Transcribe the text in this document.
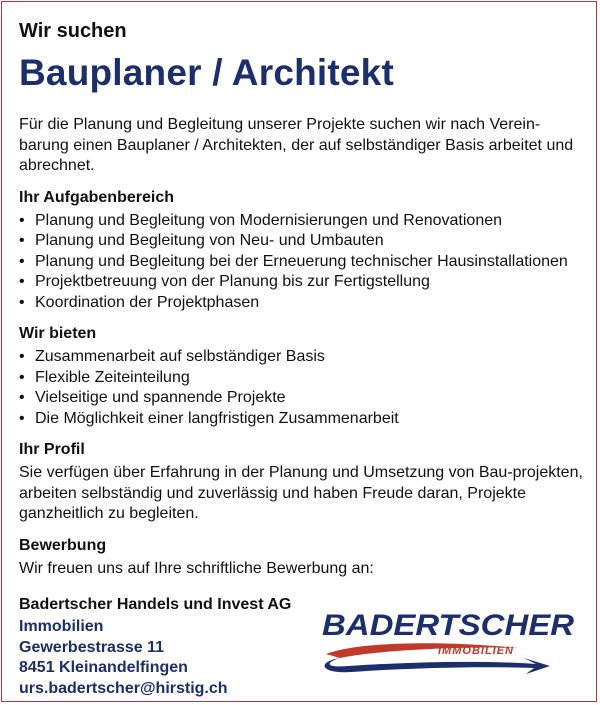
Wir suchen

Bauplaner / Architekt

Für die Planung und Begleitung unserer Projekte suchen wir nach Verein-barung einen Bauplaner / Architekten, der auf selbständiger Basis arbeitet und abrechnet.

Ihr Aufgabenbereich
• Planung und Begleitung von Modernisierungen und Renovationen
• Planung und Begleitung von Neu- und Umbauten
• Planung und Begleitung bei der Erneuerung technischer Hausinstallationen
• Projektbetreuung von der Planung bis zur Fertigstellung
• Koordination der Projektphasen
Wir bieten
• Zusammenarbeit auf selbständiger Basis
• Flexible Zeiteinteilung
• Vielseitige und spannende Projekte
• Die Möglichkeit einer langfristigen Zusammenarbeit
Ihr Profil

Sie verfügen über Erfahrung in der Planung und Umsetzung von Bau-projekten, arbeiten selbständig und zuverlässig und haben Freude daran, Projekte ganzheitlich zu begleiten.

Bewerbung

Wir freuen uns auf Ihre schriftliche Bewerbung an:

Badertscher Handels und Invest AG
Immobilien
Gewerbestrasse 11
8451 Kleinandelfingen
urs.badertscher@hirstig.ch
BADERTSCHER
IMMOBILIEN
